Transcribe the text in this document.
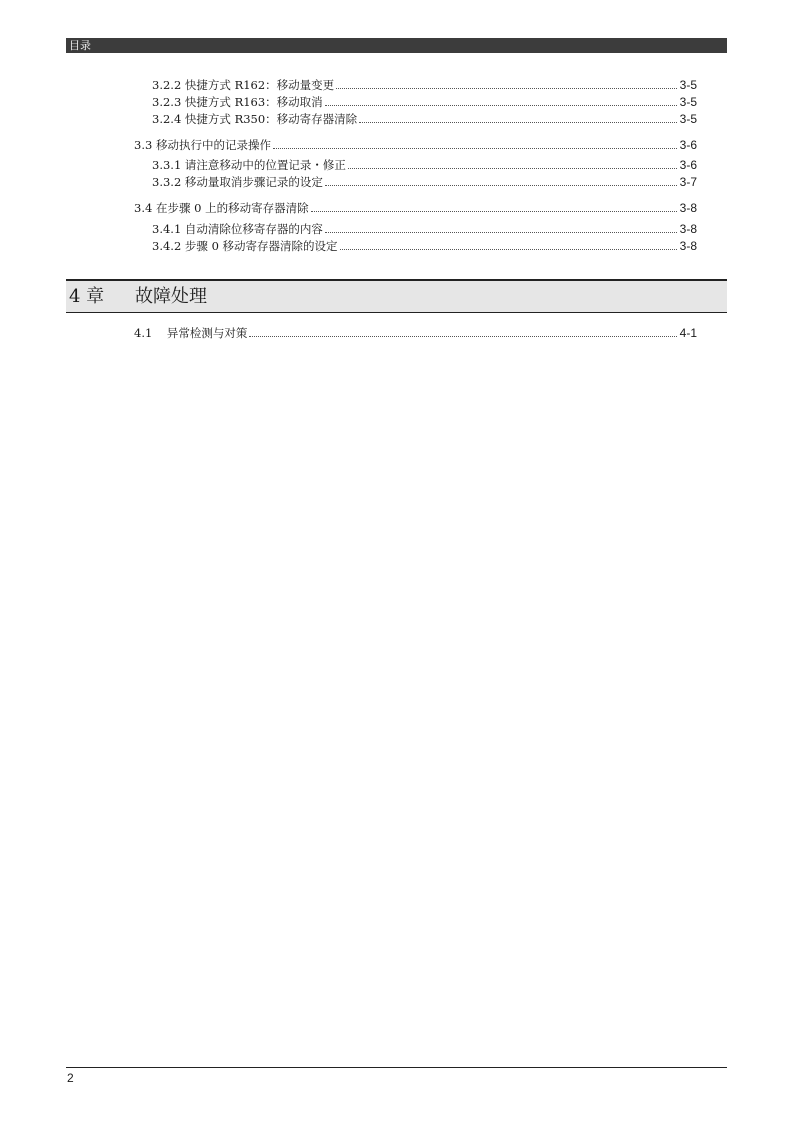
目录
3.2.2 快捷方式 R162：移动量变更	3-5
3.2.3 快捷方式 R163：移动取消	3-5
3.2.4 快捷方式 R350：移动寄存器清除	3-5
3.3 移动执行中的记录操作	3-6
3.3.1 请注意移动中的位置记录・修正	3-6
3.3.2 移动量取消步骤记录的设定	3-7
3.4 在步骤 0 上的移动寄存器清除	3-8
3.4.1 自动清除位移寄存器的内容	3-8
3.4.2 步骤 0 移动寄存器清除的设定	3-8
4 章 故障处理
4.1 异常检测与对策	4-1
2
